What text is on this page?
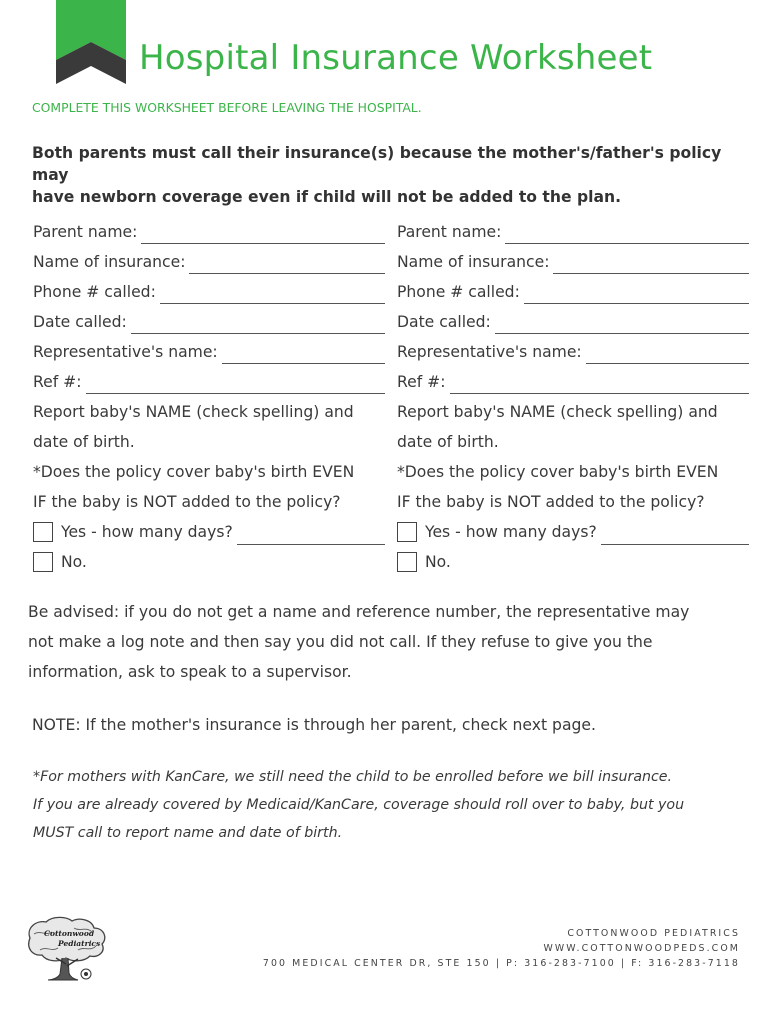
Hospital Insurance Worksheet
COMPLETE THIS WORKSHEET BEFORE LEAVING THE HOSPITAL.
Both parents must call their insurance(s) because the mother's/father's policy may
have newborn coverage even if child will not be added to the plan.
Parent name:
Name of insurance:
Phone # called:
Date called:
Representative's name:
Ref #:
Report baby's NAME (check spelling) and
date of birth.
*Does the policy cover baby's birth EVEN
IF the baby is NOT added to the policy?
Yes - how many days?
No.
Parent name:
Name of insurance:
Phone # called:
Date called:
Representative's name:
Ref #:
Report baby's NAME (check spelling) and
date of birth.
*Does the policy cover baby's birth EVEN
IF the baby is NOT added to the policy?
Yes - how many days?
No.
Be advised: if you do not get a name and reference number, the representative may
not make a log note and then say you did not call. If they refuse to give you the
information, ask to speak to a supervisor.
NOTE: If the mother's insurance is through her parent, check next page.
*For mothers with KanCare, we still need the child to be enrolled before we bill insurance.
If you are already covered by Medicaid/KanCare, coverage should roll over to baby, but you
MUST call to report name and date of birth.
Cottonwood
Pediatrics
COTTONWOOD PEDIATRICS
WWW.COTTONWOODPEDS.COM
700 MEDICAL CENTER DR, STE 150 | P: 316-283-7100 | F: 316-283-7118
